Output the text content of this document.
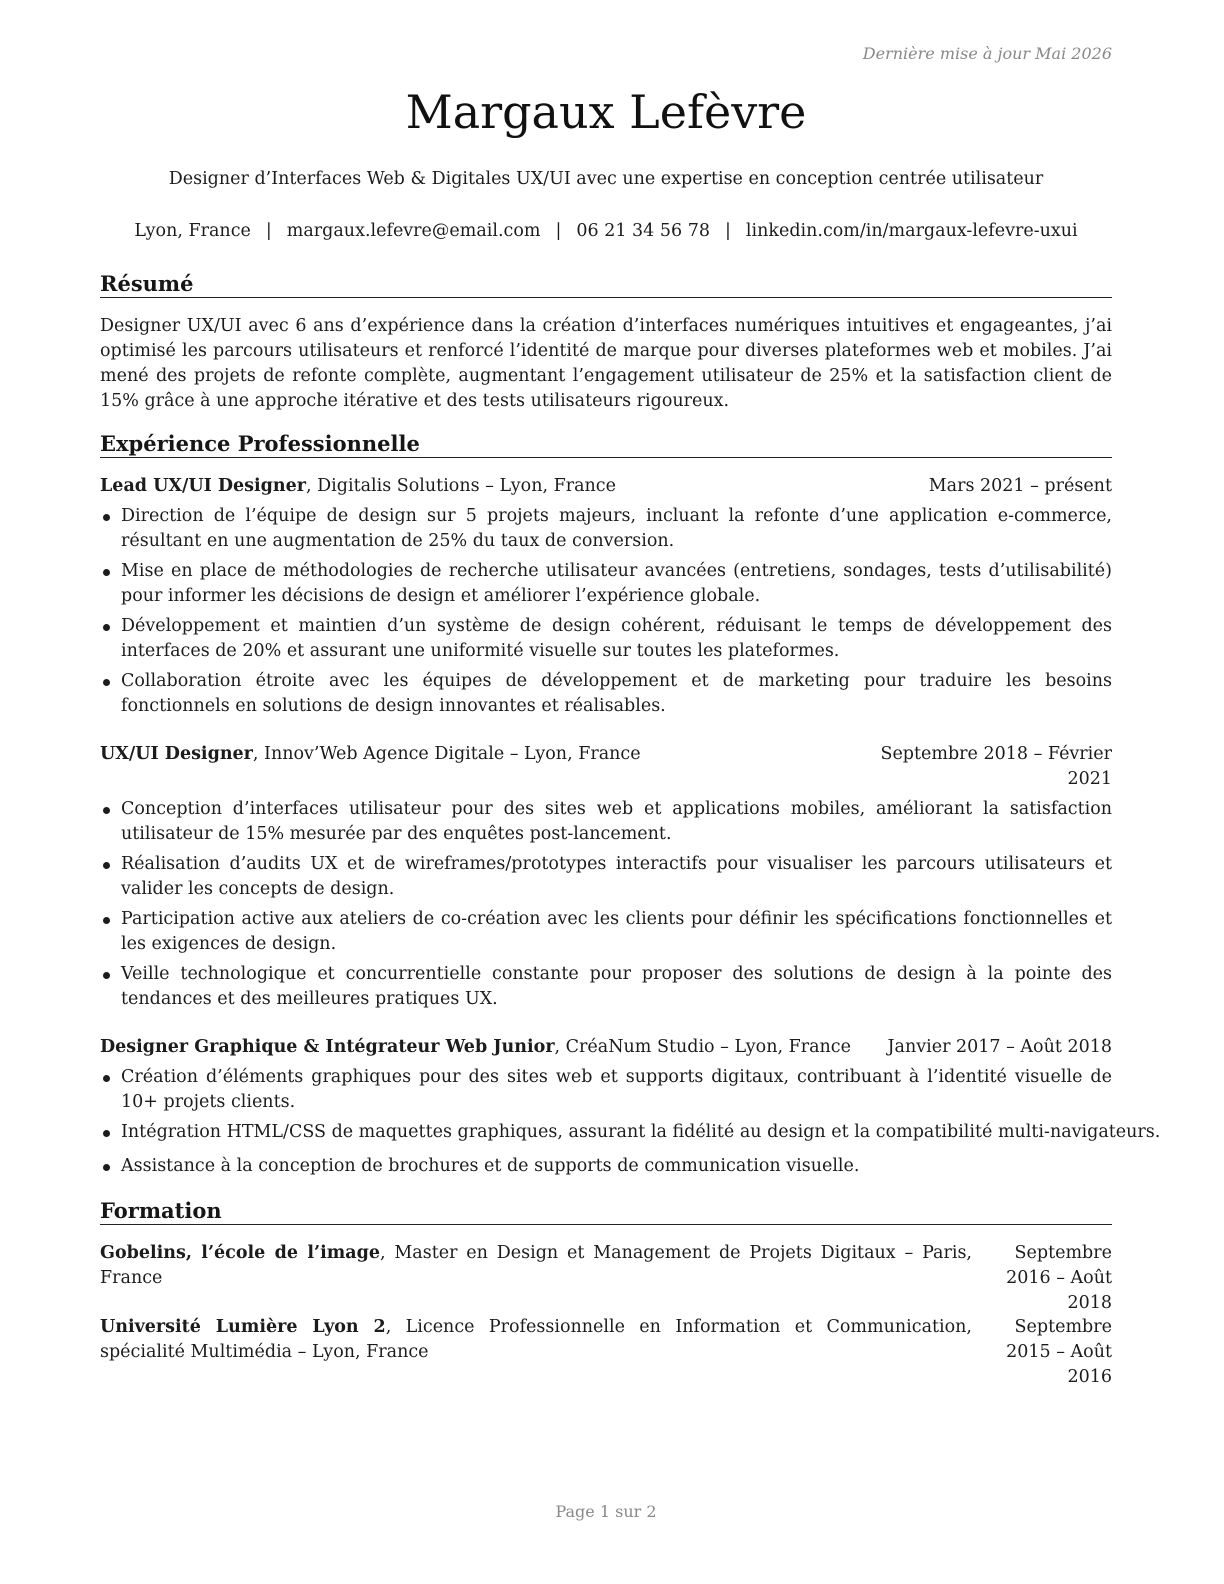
Dernière mise à jour Mai 2026
Margaux Lefèvre
Designer d’Interfaces Web & Digitales UX/UI avec une expertise en conception centrée utilisateur
Lyon, France | margaux.lefevre@email.com | 06 21 34 56 78 | linkedin.com/in/margaux-lefevre-uxui
Résumé
Designer UX/UI avec 6 ans d’expérience dans la création d’interfaces numériques intuitives et engageantes, j’ai optimisé les parcours utilisateurs et renforcé l’identité de marque pour diverses plateformes web et mobiles. J’ai mené des projets de refonte complète, augmentant l’engagement utilisateur de 25% et la satisfaction client de 15% grâce à une approche itérative et des tests utilisateurs rigoureux.
Expérience Professionnelle
Lead UX/UI Designer, Digitalis Solutions – Lyon, France	Mars 2021 – présent
Direction de l’équipe de design sur 5 projets majeurs, incluant la refonte d’une application e-commerce, résultant en une augmentation de 25% du taux de conversion.
Mise en place de méthodologies de recherche utilisateur avancées (entretiens, sondages, tests d’utilisabilité) pour informer les décisions de design et améliorer l’expérience globale.
Développement et maintien d’un système de design cohérent, réduisant le temps de développement des interfaces de 20% et assurant une uniformité visuelle sur toutes les plateformes.
Collaboration étroite avec les équipes de développement et de marketing pour traduire les besoins fonctionnels en solutions de design innovantes et réalisables.
UX/UI Designer, Innov’Web Agence Digitale – Lyon, France	Septembre 2018 – Février 2021
Conception d’interfaces utilisateur pour des sites web et applications mobiles, améliorant la satisfaction utilisateur de 15% mesurée par des enquêtes post-lancement.
Réalisation d’audits UX et de wireframes/prototypes interactifs pour visualiser les parcours utilisateurs et valider les concepts de design.
Participation active aux ateliers de co-création avec les clients pour définir les spécifications fonctionnelles et les exigences de design.
Veille technologique et concurrentielle constante pour proposer des solutions de design à la pointe des tendances et des meilleures pratiques UX.
Designer Graphique & Intégrateur Web Junior, CréaNum Studio – Lyon, France Janvier 2017 – Août 2018
Création d’éléments graphiques pour des sites web et supports digitaux, contribuant à l’identité visuelle de 10+ projets clients.
Intégration HTML/CSS de maquettes graphiques, assurant la fidélité au design et la compatibilité multi-navigateurs.
Assistance à la conception de brochures et de supports de communication visuelle.
Formation
Gobelins, l’école de l’image, Master en Design et Management de Projets Digitaux – Paris, France
Septembre 2016 – Août 2018
Université Lumière Lyon 2, Licence Professionnelle en Information et Communication, spécialité Multimédia – Lyon, France
Septembre 2015 – Août 2016
Page 1 sur 2
